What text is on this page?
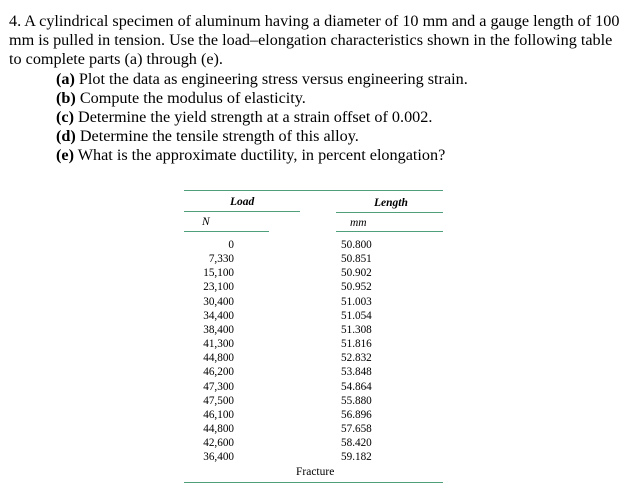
4. A cylindrical specimen of aluminum having a diameter of 10 mm and a gauge length of 100 mm is pulled in tension. Use the load–elongation characteristics shown in the following table to complete parts (a) through (e).

(a) Plot the data as engineering stress versus engineering strain.
(b) Compute the modulus of elasticity.
(c) Determine the yield strength at a strain offset of 0.002.
(d) Determine the tensile strength of this alloy.
(e) What is the approximate ductility, in percent elongation?
Load	Length
N	mm
0
7,330
15,100
23,100
30,400
34,400
38,400
41,300
44,800
46,200
47,300
47,500
46,100
44,800
42,600
36,400
50.800
50.851
50.902
50.952
51.003
51.054
51.308
51.816
52.832
53.848
54.864
55.880
56.896
57.658
58.420
59.182
Fracture
